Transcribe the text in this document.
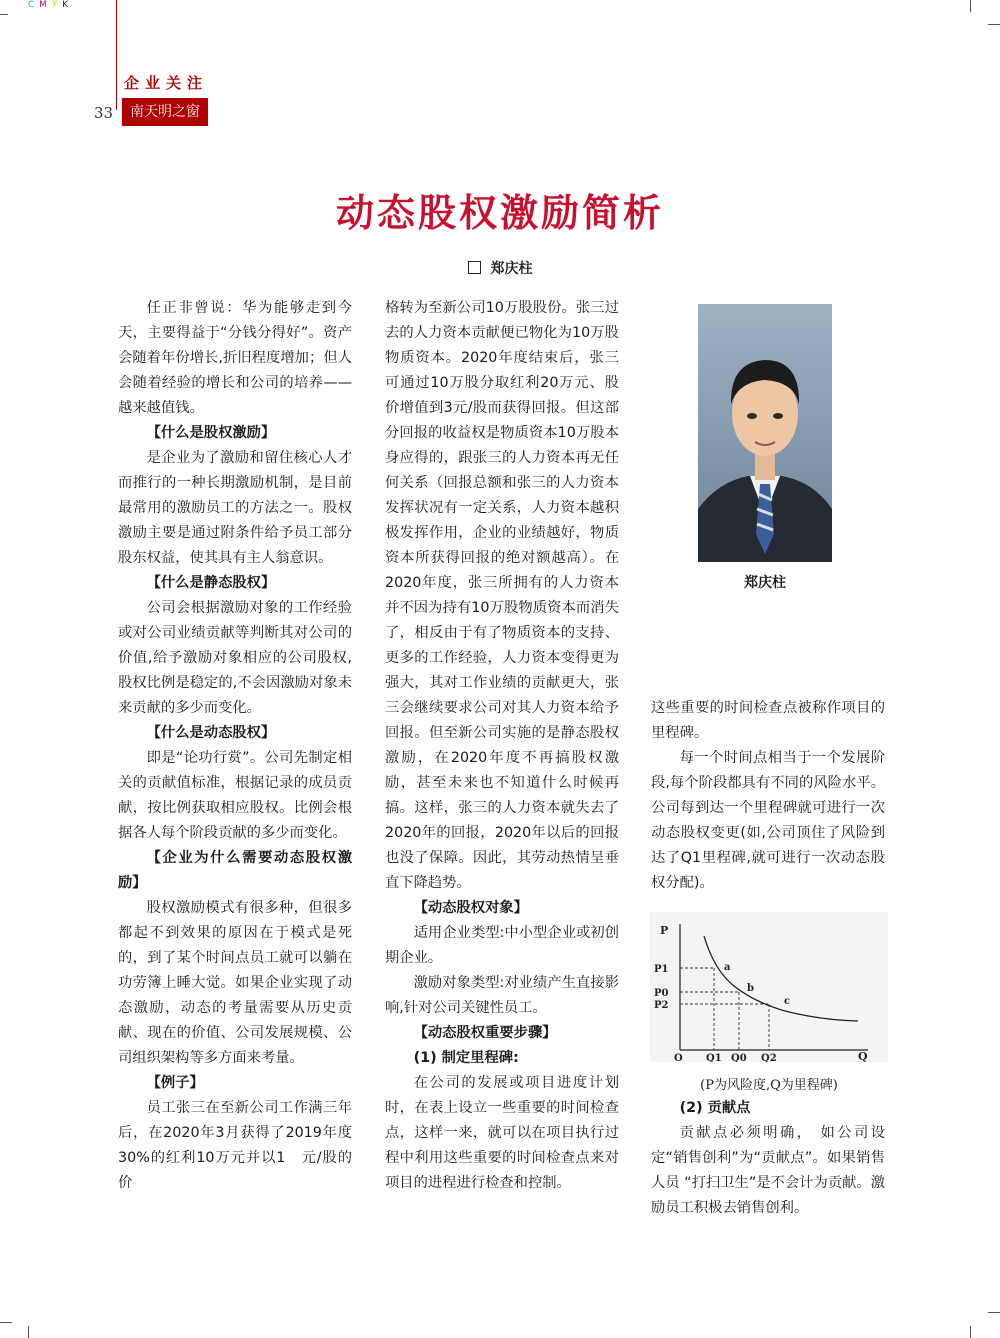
C M Y K
企业关注
33	南天明之窗
动态股权激励简析
郑庆柱

任正非曾说：华为能够走到今天，主要得益于“分钱分得好”。资产会随着年份增长,折旧程度增加；但人会随着经验的增长和公司的培养——越来越值钱。

【什么是股权激励】

是企业为了激励和留住核心人才而推行的一种长期激励机制，是目前最常用的激励员工的方法之一。股权激励主要是通过附条件给予员工部分股东权益，使其具有主人翁意识。

【什么是静态股权】

公司会根据激励对象的工作经验或对公司业绩贡献等判断其对公司的价值,给予激励对象相应的公司股权,股权比例是稳定的,不会因激励对象未来贡献的多少而变化。

【什么是动态股权】

即是“论功行赏”。公司先制定相关的贡献值标准，根据记录的成员贡献，按比例获取相应股权。比例会根据各人每个阶段贡献的多少而变化。

【企业为什么需要动态股权激励】

股权激励模式有很多种，但很多都起不到效果的原因在于模式是死的，到了某个时间点员工就可以躺在功劳簿上睡大觉。如果企业实现了动态激励，动态的考量需要从历史贡献、现在的价值、公司发展规模、公司组织架构等多方面来考量。

【例子】

员工张三在至新公司工作满三年后，在2020年3月获得了2019年度30%的红利10万元并以1　元/股的价

格转为至新公司10万股股份。张三过去的人力资本贡献便已物化为10万股物质资本。2020年度结束后，张三可通过10万股分取红利20万元、股价增值到3元/股而获得回报。但这部分回报的收益权是物质资本10万股本身应得的，跟张三的人力资本再无任何关系（回报总额和张三的人力资本发挥状况有一定关系，人力资本越积极发挥作用，企业的业绩越好，物质资本所获得回报的绝对额越高）。在2020年度，张三所拥有的人力资本并不因为持有10万股物质资本而消失了，相反由于有了物质资本的支持、更多的工作经验，人力资本变得更为强大，其对工作业绩的贡献更大，张三会继续要求公司对其人力资本给予回报。但至新公司实施的是静态股权激励，在2020年度不再搞股权激励，甚至未来也不知道什么时候再搞。这样，张三的人力资本就失去了2020年的回报，2020年以后的回报也没了保障。因此，其劳动热情呈垂直下降趋势。

【动态股权对象】

适用企业类型:中小型企业或初创期企业。

激励对象类型:对业绩产生直接影响,针对公司关键性员工。

【动态股权重要步骤】
(1) 制定里程碑:

在公司的发展或项目进度计划时，在表上设立一些重要的时间检查点，这样一来，就可以在项目执行过程中利用这些重要的时间检查点来对项目的进程进行检查和控制。

这些重要的时间检查点被称作项目的里程碑。

每一个时间点相当于一个发展阶段,每个阶段都具有不同的风险水平。公司每到达一个里程碑就可进行一次动态股权变更(如,公司顶住了风险到达了Q1里程碑,就可进行一次动态股权分配)。

(2) 贡献点

贡献点必须明确， 如公司设定“销售创利”为“贡献点”。如果销售人员 “打扫卫生”是不会计为贡献。激励员工积极去销售创利。

郑庆柱
P
Q
P1
P0
P2
O Q1 Q0 Q2
a
b
c
(P为风险度,Q为里程碑)
